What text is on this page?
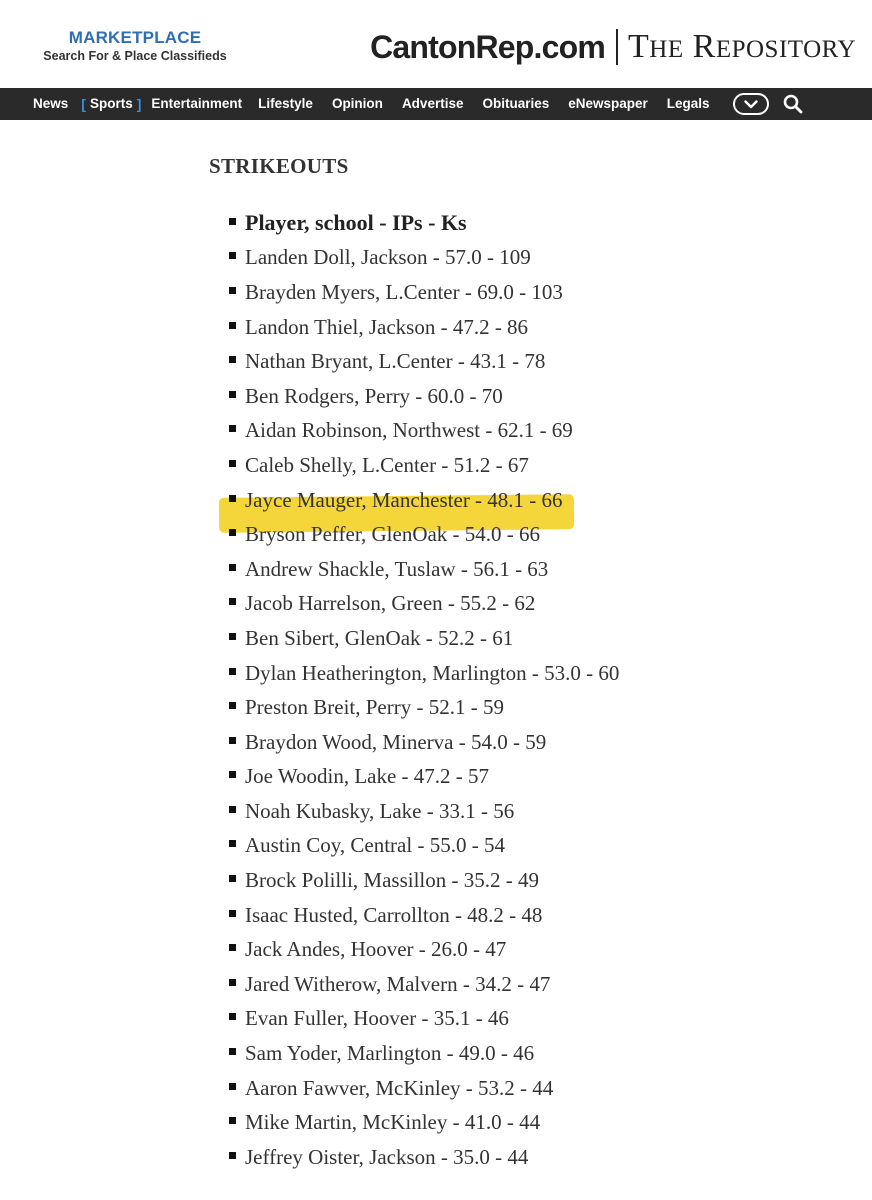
MARKETPLACE
Search For & Place Classifieds	CantonRep.com THE REPOSITORY
News [ Sports ] Entertainment Lifestyle Opinion Advertise Obituaries eNewspaper Legals
STRIKEOUTS
Player, school - IPs - Ks
Landen Doll, Jackson - 57.0 - 109
Brayden Myers, L.Center - 69.0 - 103
Landon Thiel, Jackson - 47.2 - 86
Nathan Bryant, L.Center - 43.1 - 78
Ben Rodgers, Perry - 60.0 - 70
Aidan Robinson, Northwest - 62.1 - 69
Caleb Shelly, L.Center - 51.2 - 67
Jayce Mauger, Manchester - 48.1 - 66
Bryson Peffer, GlenOak - 54.0 - 66
Andrew Shackle, Tuslaw - 56.1 - 63
Jacob Harrelson, Green - 55.2 - 62
Ben Sibert, GlenOak - 52.2 - 61
Dylan Heatherington, Marlington - 53.0 - 60
Preston Breit, Perry - 52.1 - 59
Braydon Wood, Minerva - 54.0 - 59
Joe Woodin, Lake - 47.2 - 57
Noah Kubasky, Lake - 33.1 - 56
Austin Coy, Central - 55.0 - 54
Brock Polilli, Massillon - 35.2 - 49
Isaac Husted, Carrollton - 48.2 - 48
Jack Andes, Hoover - 26.0 - 47
Jared Witherow, Malvern - 34.2 - 47
Evan Fuller, Hoover - 35.1 - 46
Sam Yoder, Marlington - 49.0 - 46
Aaron Fawver, McKinley - 53.2 - 44
Mike Martin, McKinley - 41.0 - 44
Jeffrey Oister, Jackson - 35.0 - 44
